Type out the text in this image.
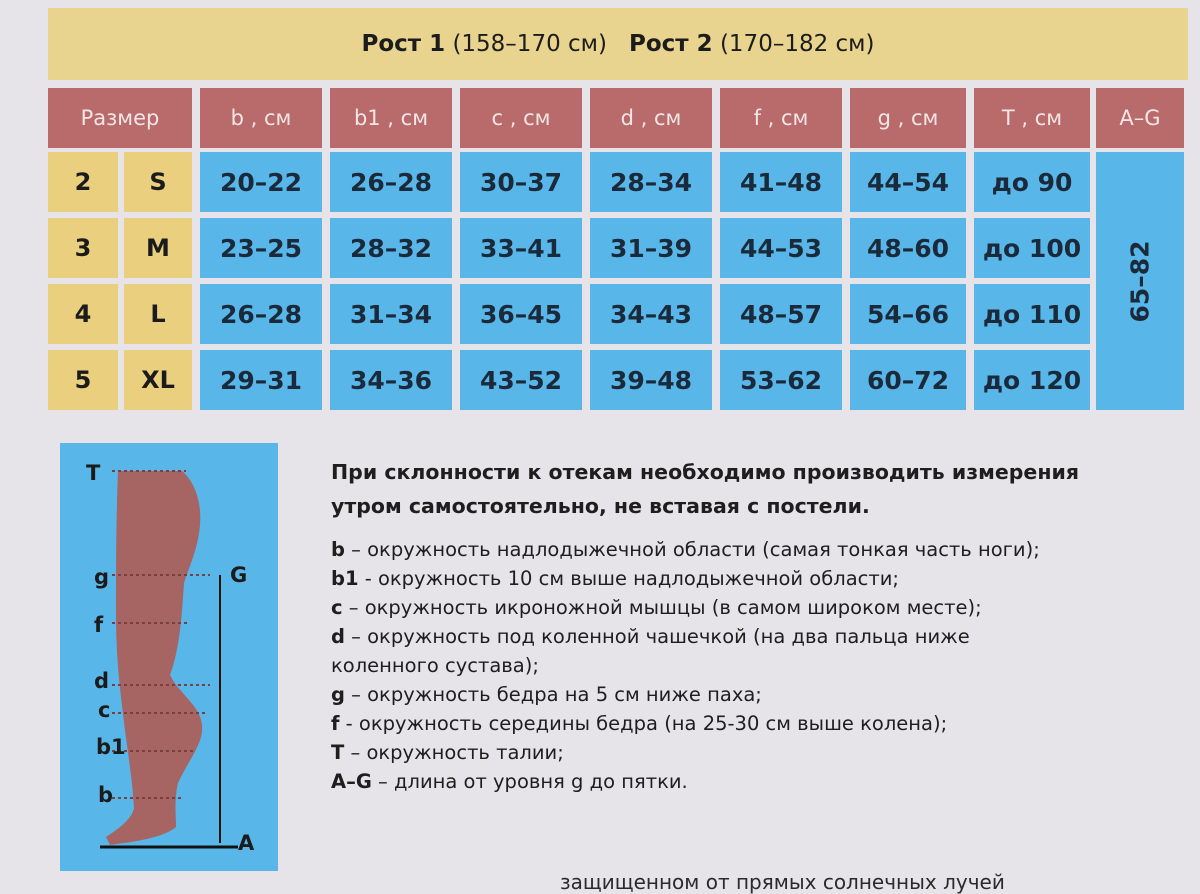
Рост 1
(158–170 см) Рост 2
(170–182 см)
Размер	b , см	b1 , см	c , см	d , см	f , см	g , см	T , см	A–G
2	S	20–22	26–28	30–37	28–34	41–48	44–54	до 90
3	M	23–25	28–32	33–41	31–39	44–53	48–60	до 100
4	L	26–28	31–34	36–45	34–43	48–57	54–66	до 110
5	XL	29–31	34–36	43–52	39–48	53–62	60–72	до 120
65–82
T
g	G
f
d
c
b1
b
A

При склонности к отекам необходимо производить измерения
утром самостоятельно, не вставая с постели.

b – окружность надлодыжечной области (самая тонкая часть ноги);

b1 - окружность 10 см выше надлодыжечной области;

c – окружность икроножной мышцы (в самом широком месте);

d – окружность под коленной чашечкой (на два пальца ниже

коленного сустава);

g – окружность бедра на 5 см ниже паха;

f - окружность середины бедра (на 25-30 см выше колена);

T – окружность талии;

A–G – длина от уровня g до пятки.

защищенном от прямых солнечных лучей
